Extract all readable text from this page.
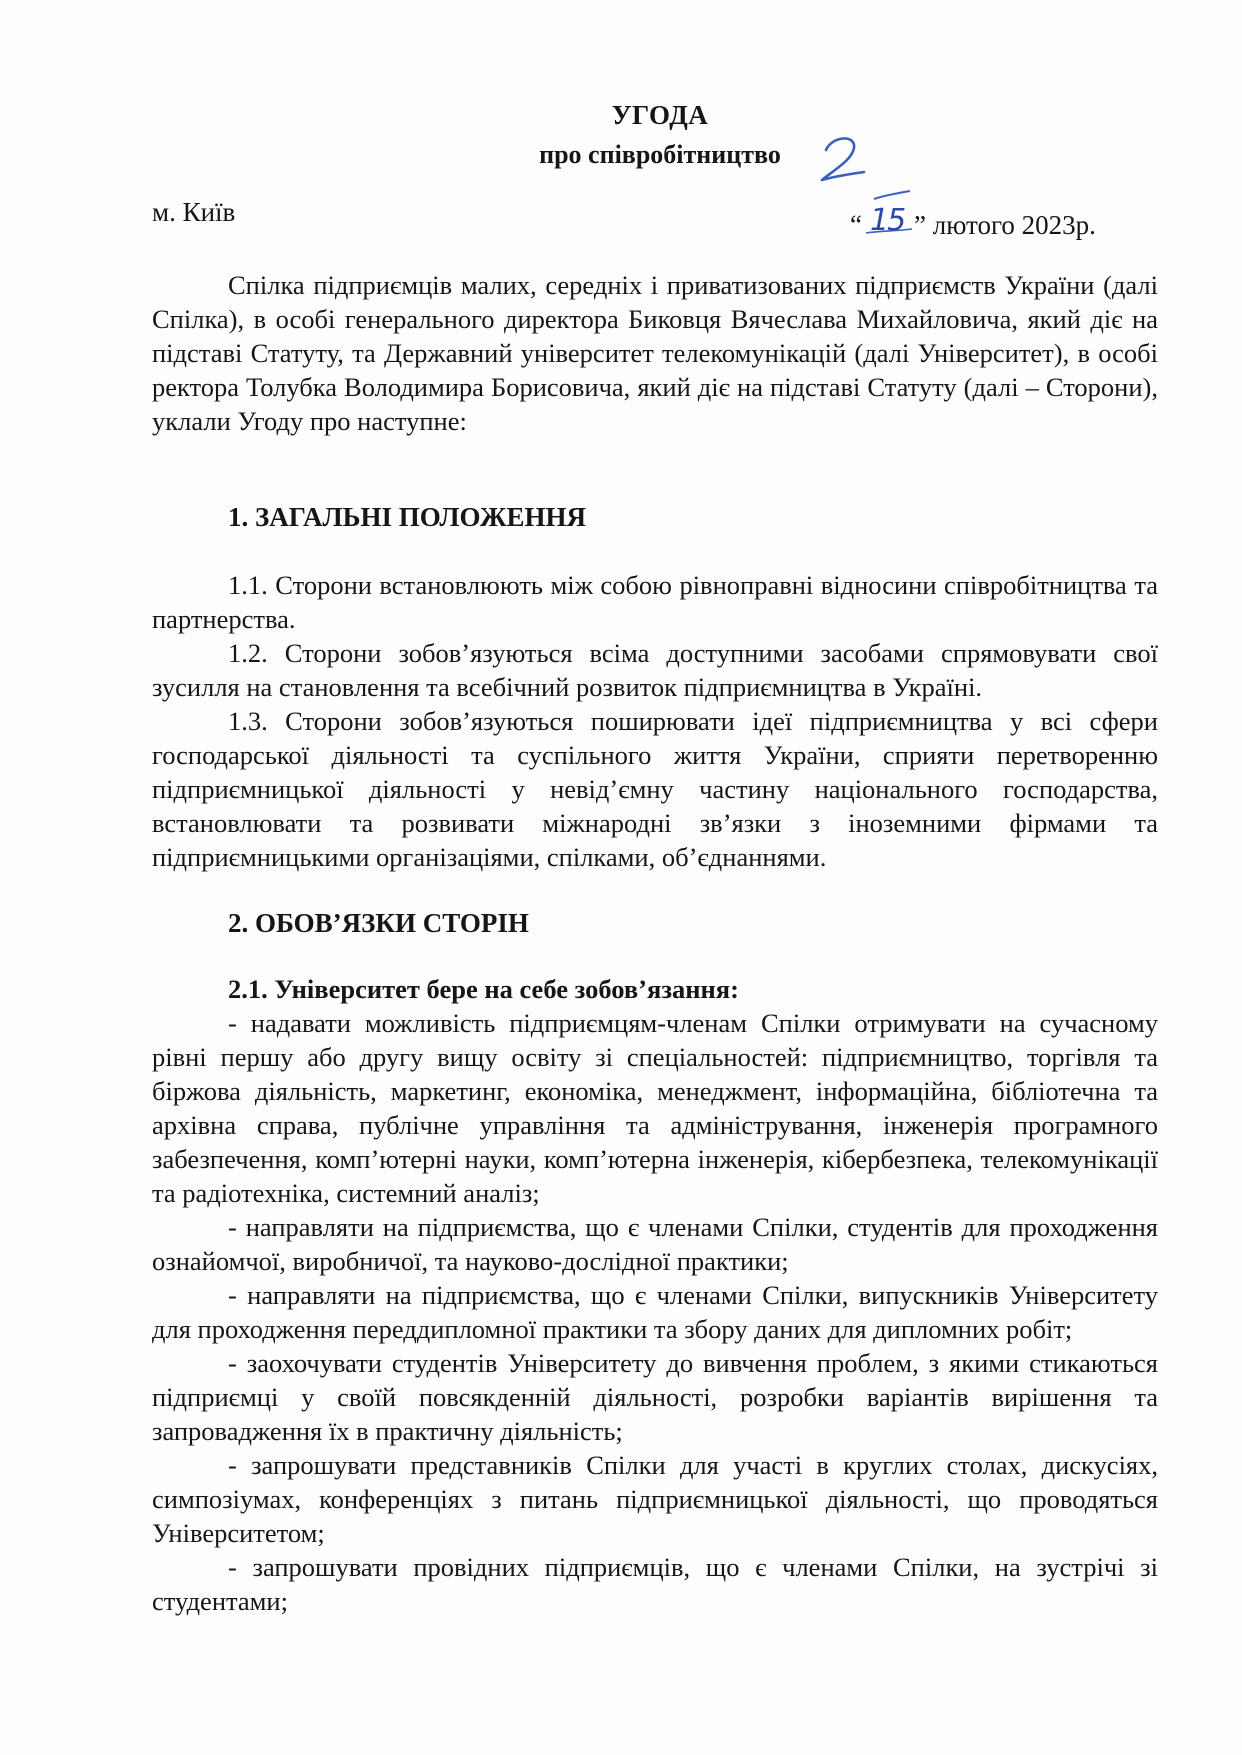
УГОДА
про співробітництво
м. Київ	“ 15 ” лютого 2023р.

Спілка підприємців малих, середніх і приватизованих підприємств України (далі Спілка), в особі генерального директора Биковця Вячеслава Михайловича, який діє на підставі Статуту, та Державний університет телекомунікацій (далі Університет), в особі ректора Толубка Володимира Борисовича, який діє на підставі Статуту (далі – Сторони), уклали Угоду про наступне:

1. ЗАГАЛЬНІ ПОЛОЖЕННЯ

1.1. Сторони встановлюють між собою рівноправні відносини співробітництва та партнерства.

1.2. Сторони зобов’язуються всіма доступними засобами спрямовувати свої зусилля на становлення та всебічний розвиток підприємництва в Україні.

1.3. Сторони зобов’язуються поширювати ідеї підприємництва у всі сфери господарської діяльності та суспільного життя України, сприяти перетворенню підприємницької діяльності у невід’ємну частину національного господарства, встановлювати та розвивати міжнародні зв’язки з іноземними фірмами та підприємницькими організаціями, спілками, об’єднаннями.

2. ОБОВ’ЯЗКИ СТОРІН

2.1. Університет бере на себе зобов’язання:

- надавати можливість підприємцям-членам Спілки отримувати на сучасному рівні першу або другу вищу освіту зі спеціальностей: підприємництво, торгівля та біржова діяльність, маркетинг, економіка, менеджмент, інформаційна, бібліотечна та архівна справа, публічне управління та адміністрування, інженерія програмного забезпечення, комп’ютерні науки, комп’ютерна інженерія, кібербезпека, телекомунікації та радіотехніка, системний аналіз;

- направляти на підприємства, що є членами Спілки, студентів для проходження ознайомчої, виробничої, та науково-дослідної практики;

- направляти на підприємства, що є членами Спілки, випускників Університету для проходження переддипломної практики та збору даних для дипломних робіт;

- заохочувати студентів Університету до вивчення проблем, з якими стикаються підприємці у своїй повсякденній діяльності, розробки варіантів вирішення та запровадження їх в практичну діяльність;

- запрошувати представників Спілки для участі в круглих столах, дискусіях, симпозіумах, конференціях з питань підприємницької діяльності, що проводяться Університетом;

- запрошувати провідних підприємців, що є членами Спілки, на зустрічі зі студентами;
